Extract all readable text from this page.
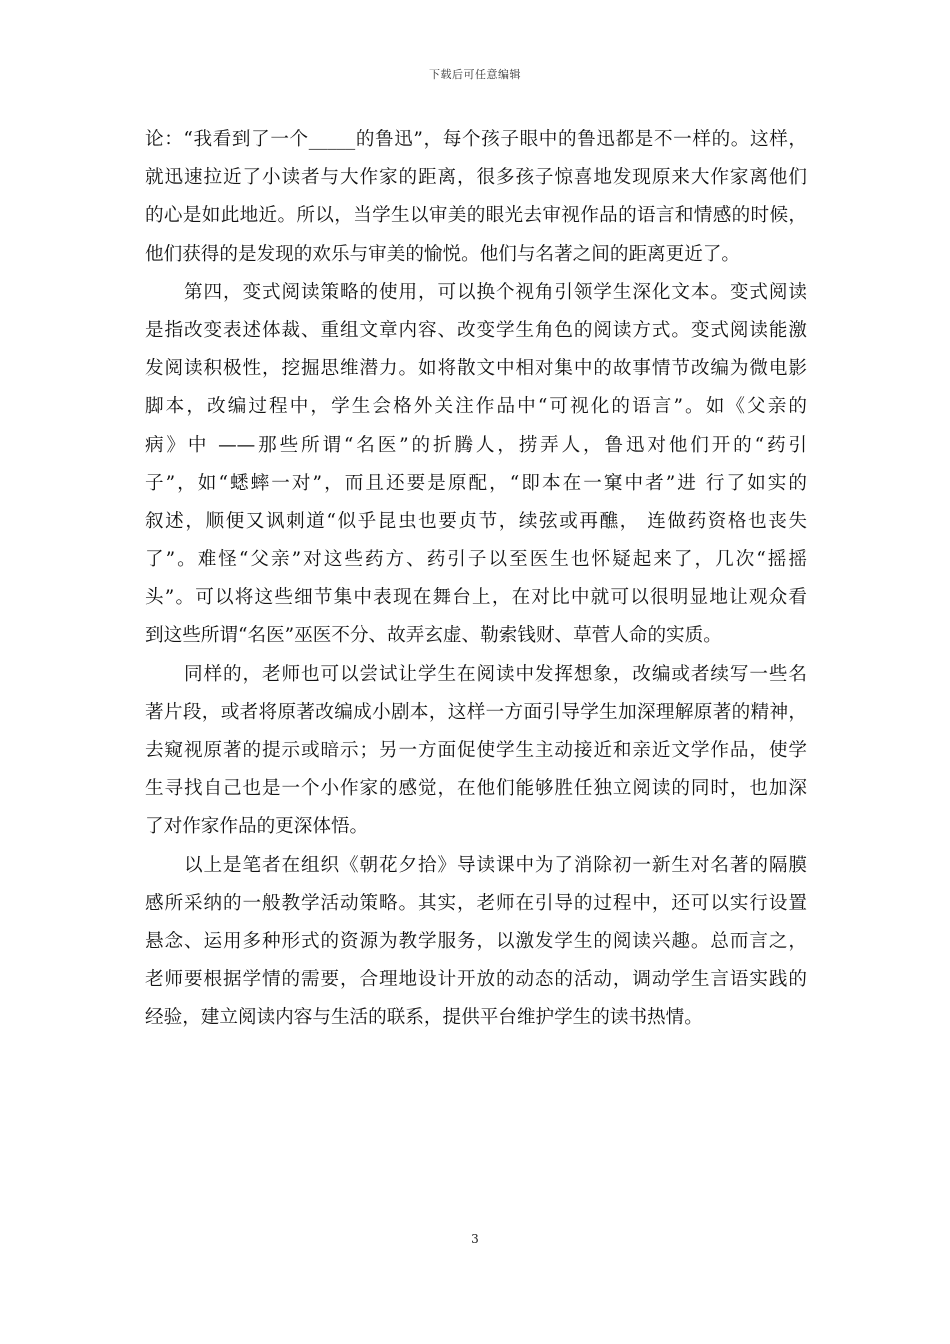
下载后可任意编辑
论：“我看到了一个_____的鲁迅”，每个孩子眼中的鲁迅都是不一样的。这样，
就迅速拉近了小读者与大作家的距离，很多孩子惊喜地发现原来大作家离他们
的心是如此地近。所以，当学生以审美的眼光去审视作品的语言和情感的时候，
他们获得的是发现的欢乐与审美的愉悦。他们与名著之间的距离更近了。
第四，变式阅读策略的使用，可以换个视角引领学生深化文本。变式阅读
是指改变表述体裁、重组文章内容、改变学生角色的阅读方式。变式阅读能激
发阅读积极性，挖掘思维潜力。如将散文中相对集中的故事情节改编为微电影
脚本，改编过程中，学生会格外关注作品中“可视化的语言”。如《父亲的
病》中 ——那些所谓“名医”的折腾人，捞弄人，鲁迅对他们开的“药引
子”，如“蟋蟀一对”，而且还要是原配，“即本在一窠中者”进 行了如实的
叙述，顺便又讽刺道“似乎昆虫也要贞节，续弦或再醮， 连做药资格也丧失
了”。难怪“父亲”对这些药方、药引子以至医生也怀疑起来了，几次“摇摇
头”。可以将这些细节集中表现在舞台上，在对比中就可以很明显地让观众看
到这些所谓“名医”巫医不分、故弄玄虚、勒索钱财、草菅人命的实质。
同样的，老师也可以尝试让学生在阅读中发挥想象，改编或者续写一些名
著片段，或者将原著改编成小剧本，这样一方面引导学生加深理解原著的精神，
去窥视原著的提示或暗示；另一方面促使学生主动接近和亲近文学作品，使学
生寻找自己也是一个小作家的感觉，在他们能够胜任独立阅读的同时，也加深
了对作家作品的更深体悟。
以上是笔者在组织《朝花夕拾》导读课中为了消除初一新生对名著的隔膜
感所采纳的一般教学活动策略。其实，老师在引导的过程中，还可以实行设置
悬念、运用多种形式的资源为教学服务，以激发学生的阅读兴趣。总而言之，
老师要根据学情的需要，合理地设计开放的动态的活动，调动学生言语实践的
经验，建立阅读内容与生活的联系，提供平台维护学生的读书热情。
3
